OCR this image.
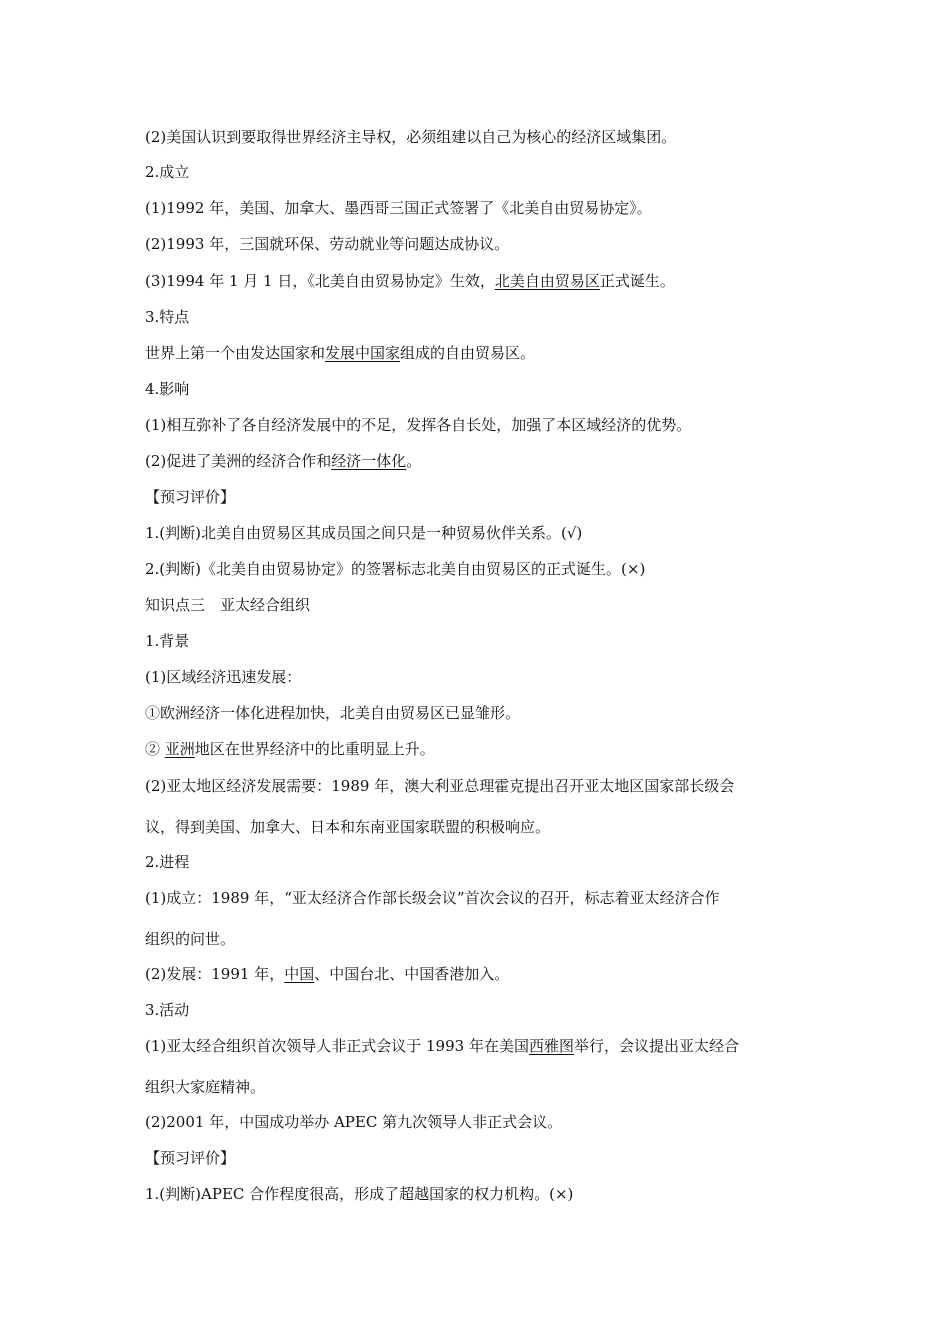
(2)美国认识到要取得世界经济主导权，必须组建以自己为核心的经济区域集团。
2.成立
(1)1992 年，美国、加拿大、墨西哥三国正式签署了《北美自由贸易协定》。
(2)1993 年，三国就环保、劳动就业等问题达成协议。
(3)1994 年 1 月 1 日，《北美自由贸易协定》生效，北美自由贸易区正式诞生。
3.特点
世界上第一个由发达国家和发展中国家组成的自由贸易区。
4.影响
(1)相互弥补了各自经济发展中的不足，发挥各自长处，加强了本区域经济的优势。
(2)促进了美洲的经济合作和经济一体化。
【预习评价】
1.(判断)北美自由贸易区其成员国之间只是一种贸易伙伴关系。(√)
2.(判断)《北美自由贸易协定》的签署标志北美自由贸易区的正式诞生。(×)
知识点三　亚太经合组织
1.背景
(1)区域经济迅速发展：
①欧洲经济一体化进程加快，北美自由贸易区已显雏形。
② 亚洲地区在世界经济中的比重明显上升。
(2)亚太地区经济发展需要：1989 年，澳大利亚总理霍克提出召开亚太地区国家部长级会
议，得到美国、加拿大、日本和东南亚国家联盟的积极响应。
2.进程
(1)成立：1989 年，“亚太经济合作部长级会议”首次会议的召开，标志着亚太经济合作
组织的问世。
(2)发展：1991 年，中国、中国台北、中国香港加入。
3.活动
(1)亚太经合组织首次领导人非正式会议于 1993 年在美国西雅图举行，会议提出亚太经合
组织大家庭精神。
(2)2001 年，中国成功举办 APEC 第九次领导人非正式会议。
【预习评价】
1.(判断)APEC 合作程度很高，形成了超越国家的权力机构。(×)
